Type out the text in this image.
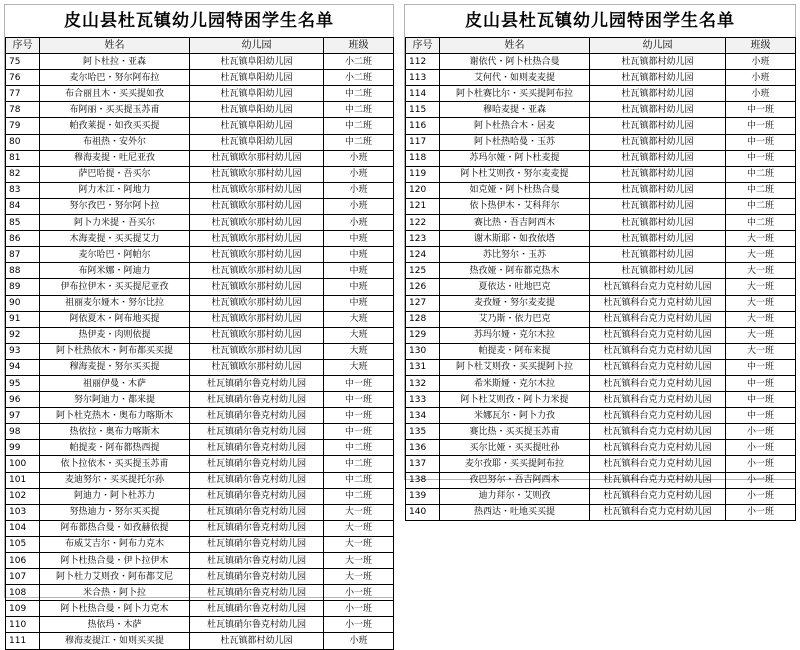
皮山县杜瓦镇幼儿园特困学生名单
序号	姓名	幼儿园	班级
75	阿卜杜拉・亚森	杜瓦镇阜阳幼儿园	小二班
76	麦尔哈巴・努尔阿布拉	杜瓦镇阜阳幼儿园	小二班
77	布合丽且木・买买提如孜	杜瓦镇阜阳幼儿园	中二班
78	布阿丽・买买提玉苏甫	杜瓦镇阜阳幼儿园	中二班
79	帕孜莱提・如孜买买提	杜瓦镇阜阳幼儿园	中二班
80	布祖热・安外尔	杜瓦镇阜阳幼儿园	中二班
81	穆海麦提・吐尼亚孜	杜瓦镇欧尔那村幼儿园	小班
82	萨巴哈提・吾买尔	杜瓦镇欧尔那村幼儿园	小班
83	阿力木江・阿地力	杜瓦镇欧尔那村幼儿园	小班
84	努尔孜巴・努尔阿卜拉	杜瓦镇欧尔那村幼儿园	小班
85	阿卜力米提・吾买尔	杜瓦镇欧尔那村幼儿园	小班
86	木海麦提・买买提艾力	杜瓦镇欧尔那村幼儿园	中班
87	麦尔哈巴・阿帕尔	杜瓦镇欧尔那村幼儿园	中班
88	布阿米娜・阿迪力	杜瓦镇欧尔那村幼儿园	中班
89	伊布拉伊木・买买提尼亚孜	杜瓦镇欧尔那村幼儿园	中班
90	祖丽麦尔娅木・努尔比拉	杜瓦镇欧尔那村幼儿园	中班
91	阿依夏木・阿布地买提	杜瓦镇欧尔那村幼儿园	大班
92	热伊麦・肉则依提	杜瓦镇欧尔那村幼儿园	大班
93	阿卜杜热依木・阿布都买买提	杜瓦镇欧尔那村幼儿园	大班
94	穆海麦提・努尔买买提	杜瓦镇欧尔那村幼儿园	大班
95	祖丽伊曼・木萨	杜瓦镇硝尔鲁克村幼儿园	中一班
96	努尔阿迪力・都来提	杜瓦镇硝尔鲁克村幼儿园	中一班
97	阿卜杜克热木・奥布力喀斯木	杜瓦镇硝尔鲁克村幼儿园	中一班
98	热依拉・奥布力喀斯木	杜瓦镇硝尔鲁克村幼儿园	中一班
99	帕提麦・阿布都热西提	杜瓦镇硝尔鲁克村幼儿园	中二班
100	依卜拉依木・买买提玉苏甫	杜瓦镇硝尔鲁克村幼儿园	中二班
101	麦迪努尔・买买提托尔孙	杜瓦镇硝尔鲁克村幼儿园	中二班
102	阿迪力・阿卜杜苏力	杜瓦镇硝尔鲁克村幼儿园	中二班
103	努热迪力・努尔买买提	杜瓦镇硝尔鲁克村幼儿园	大一班
104	阿布都热合曼・如孜赫依提	杜瓦镇硝尔鲁克村幼儿园	大一班
105	布威艾吉尔・阿布力克木	杜瓦镇硝尔鲁克村幼儿园	大一班
106	阿卜杜热合曼・伊卜拉伊木	杜瓦镇硝尔鲁克村幼儿园	大一班
107	阿卜杜力艾则孜・阿布都艾尼	杜瓦镇硝尔鲁克村幼儿园	大一班
108	米合热・阿卜拉	杜瓦镇硝尔鲁克村幼儿园	小一班
109	阿卜杜热合曼・阿卜力克木	杜瓦镇硝尔鲁克村幼儿园	小一班
110	热依玛・木萨	杜瓦镇硝尔鲁克村幼儿园	小一班
111	穆海麦提江・如则买买提	杜瓦镇都村幼儿园	小班
皮山县杜瓦镇幼儿园特困学生名单
序号	姓名	幼儿园	班级
112	谢依代・阿卜杜热合曼	杜瓦镇都村幼儿园	小班
113	艾何代・如则麦麦提	杜瓦镇都村幼儿园	小班
114	阿卜杜赛比尔・买买提阿布拉	杜瓦镇都村幼儿园	小班
115	穆哈麦提・亚森	杜瓦镇都村幼儿园	中一班
116	阿卜杜热合木・居麦	杜瓦镇都村幼儿园	中一班
117	阿卜杜热哈曼・玉苏	杜瓦镇都村幼儿园	中一班
118	苏玛尔娅・阿卜杜麦提	杜瓦镇都村幼儿园	中一班
119	阿卜杜艾则孜・努尔麦麦提	杜瓦镇都村幼儿园	中二班
120	如克娅・阿卜杜热合曼	杜瓦镇都村幼儿园	中二班
121	依卜热伊木・艾科拜尔	杜瓦镇都村幼儿园	中二班
122	赛比热・吾吉阿西木	杜瓦镇都村幼儿园	中二班
123	谢木斯耶・如孜依塔	杜瓦镇都村幼儿园	大一班
124	苏比努尔・玉苏	杜瓦镇都村幼儿园	大一班
125	热孜娅・阿布都克热木	杜瓦镇都村幼儿园	大一班
126	夏依达・吐地巴克	杜瓦镇科台克力克村幼儿园	大一班
127	麦孜娅・努尔麦麦提	杜瓦镇科台克力克村幼儿园	大一班
128	艾乃斯・依力巴克	杜瓦镇科台克力克村幼儿园	大一班
129	苏玛尔娅・克尔木拉	杜瓦镇科台克力克村幼儿园	大一班
130	帕提麦・阿布来提	杜瓦镇科台克力克村幼儿园	大一班
131	阿卜杜艾则孜・买买提阿卜拉	杜瓦镇科台克力克村幼儿园	中一班
132	希米斯娅・克尔木拉	杜瓦镇科台克力克村幼儿园	中一班
133	阿卜杜艾则孜・阿卜力米提	杜瓦镇科台克力克村幼儿园	中一班
134	米娜瓦尔・阿卜力孜	杜瓦镇科台克力克村幼儿园	中一班
135	赛比热・买买提玉苏甫	杜瓦镇科台克力克村幼儿园	小一班
136	买尔比娅・买买提吐孙	杜瓦镇科台克力克村幼儿园	小一班
137	麦尔孜耶・买买提阿布拉	杜瓦镇科台克力克村幼儿园	小一班
138	孜巴努尔・吾吉阿西木	杜瓦镇科台克力克村幼儿园	小一班
139	迪力拜尔・艾则孜	杜瓦镇科台克力克村幼儿园	小一班
140	热西达・吐地买买提	杜瓦镇科台克力克村幼儿园	小一班
